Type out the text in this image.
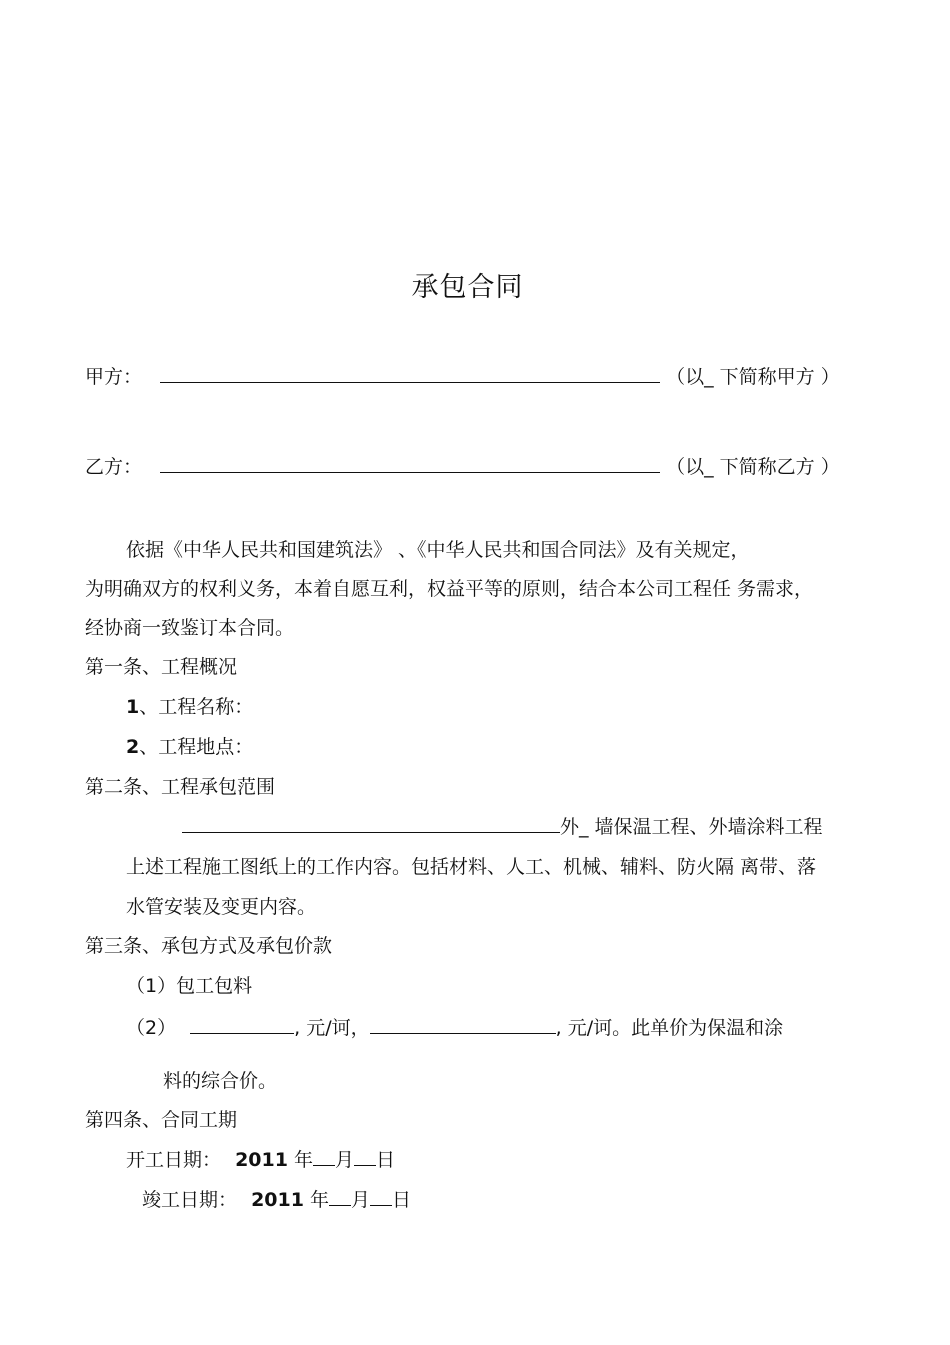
承包合同
甲方：	（以_ 下简称甲方 ）
乙方：	（以_ 下简称乙方 ）
依据《中华人民共和国建筑法》 、《中华人民共和国合同法》及有关规定，
为明确双方的权利义务，本着自愿互利，权益平等的原则，结合本公司工程任 务需求，
经协商一致鉴订本合同。
第一条、工程概况
1、工程名称：
2、工程地点：
第二条、工程承包范围
外_ 墙保温工程、外墙涂料工程
上述工程施工图纸上的工作内容。包括材料、人工、机械、辅料、防火隔 离带、落
水管安装及变更内容。
第三条、承包方式及承包价款
（1）包工包料
（2）	, 元/诃，	, 元/诃。此单价为保温和涂
料的综合价。
第四条、合同工期
开工日期： 2011 年 月 日
竣工日期： 2011 年 月 日
